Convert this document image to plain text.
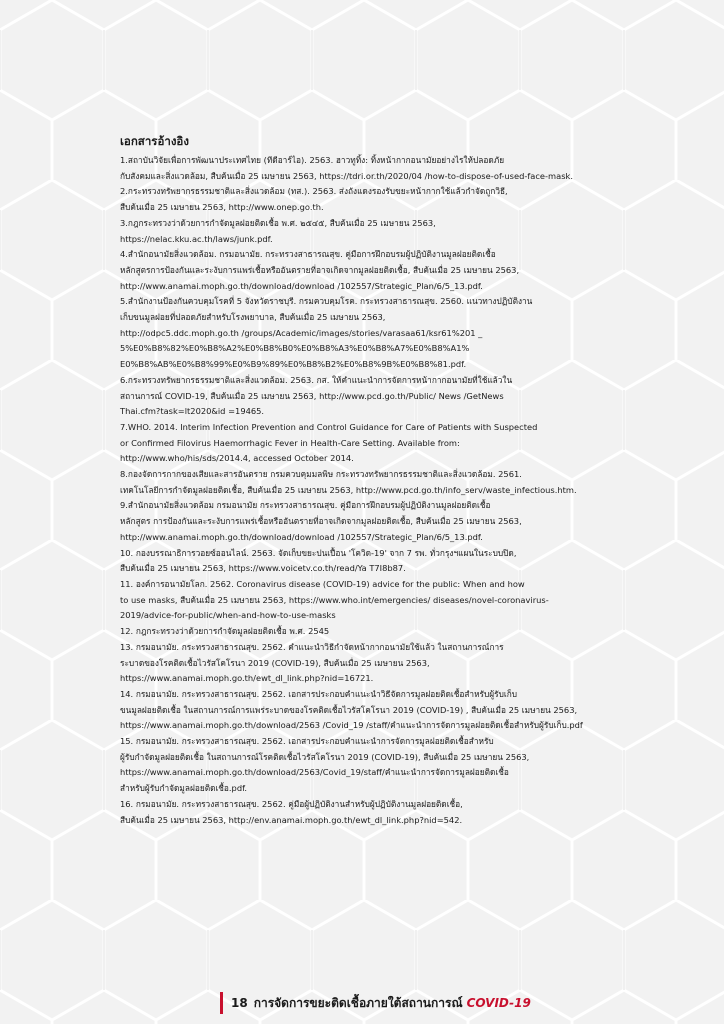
เอกสารอ้างอิง
1.สถาบันวิจัยเพื่อการพัฒนาประเทศไทย (ทีดีอาร์ไอ). 2563. ฮาวทูทิ้ง: ทิ้งหน้ากากอนามัยอย่างไรให้ปลอดภัย
กับสังคมและสิ่งแวดล้อม, สืบค้นเมื่อ 25 เมษายน 2563, https://tdri.or.th/2020/04 /how-to-dispose-of-used-face-mask.
2.กระทรวงทรัพยากรธรรมชาติและสิ่งแวดล้อม (ทส.). 2563. ส่งถังแดงรองรับขยะหน้ากากใช้แล้วกำจัดถูกวิธี,
สืบค้นเมื่อ 25 เมษายน 2563, http://www.onep.go.th.
3.กฎกระทรวงว่าด้วยการกำจัดมูลฝอยติดเชื้อ พ.ศ. ๒๕๔๕, สืบค้นเมื่อ 25 เมษายน 2563,
https://nelac.kku.ac.th/laws/junk.pdf.
4.สำนักอนามัยสิ่งแวดล้อม. กรมอนามัย. กระทรวงสาธารณสุข. คู่มือการฝึกอบรมผู้ปฏิบัติงานมูลฝอยติดเชื้อ
หลักสูตรการป้องกันและระงับการแพร่เชื้อหรืออันตรายที่อาจเกิดจากมูลฝอยติดเชื้อ, สืบค้นเมื่อ 25 เมษายน 2563,
http://www.anamai.moph.go.th/download/download /102557/Strategic_Plan/6/5_13.pdf.
5.สำนักงานป้องกันควบคุมโรคที่ 5 จังหวัดราชบุรี. กรมควบคุมโรค. กระทรวงสาธารณสุข. 2560. แนวทางปฏิบัติงาน
เก็บขนมูลฝอยที่ปลอดภัยสำหรับโรงพยาบาล, สืบค้นเมื่อ 25 เมษายน 2563,
http://odpc5.ddc.moph.go.th /groups/Academic/images/stories/varasaa61/ksr61%201 _
5%E0%B8%82%E0%B8%A2%E0%B8%B0%E0%B8%A3%E0%B8%A7%E0%B8%A1%
E0%B8%AB%E0%B8%99%E0%B9%89%E0%B8%B2%E0%B8%9B%E0%B8%81.pdf.
6.กระทรวงทรัพยากรธรรมชาติและสิ่งแวดล้อม. 2563. กส. ให้คำแนะนำการจัดการหน้ากากอนามัยที่ใช้แล้วใน
สถานการณ์ COVID-19, สืบค้นเมื่อ 25 เมษายน 2563, http://www.pcd.go.th/Public/ News /GetNews
Thai.cfm?task=lt2020&id =19465.
7.WHO. 2014. Interim Infection Prevention and Control Guidance for Care of Patients with Suspected
or Confirmed Filovirus Haemorrhagic Fever in Health-Care Setting. Available from:
http://www.who/his/sds/2014.4, accessed October 2014.
8.กองจัดการกากของเสียและสารอันตราย กรมควบคุมมลพิษ กระทรวงทรัพยากรธรรมชาติและสิ่งแวดล้อม. 2561.
เทคโนโลยีการกำจัดมูลฝอยติดเชื้อ, สืบค้นเมื่อ 25 เมษายน 2563, http://www.pcd.go.th/info_serv/waste_infectious.htm.
9.สำนักอนามัยสิ่งแวดล้อม กรมอนามัย กระทรวงสาธารณสุข. คู่มือการฝึกอบรมผู้ปฏิบัติงานมูลฝอยติดเชื้อ
หลักสูตร การป้องกันและระงับการแพร่เชื้อหรืออันตรายที่อาจเกิดจากมูลฝอยติดเชื้อ, สืบค้นเมื่อ 25 เมษายน 2563,
http://www.anamai.moph.go.th/download/download /102557/Strategic_Plan/6/5_13.pdf.
10. กองบรรณาธิการวอยซ์ออนไลน์. 2563. จัดเก็บขยะปนเปื้อน 'โควิด-19' จาก 7 รพ. ทั่วกรุงฯแผนในระบบปิด,
สืบค้นเมื่อ 25 เมษายน 2563, https://www.voicetv.co.th/read/Ya T7I8b87.
11. องค์การอนามัยโลก. 2562. Coronavirus disease (COVID-19) advice for the public: When and how
to use masks, สืบค้นเมื่อ 25 เมษายน 2563, https://www.who.int/emergencies/ diseases/novel-coronavirus-
2019/advice-for-public/when-and-how-to-use-masks
12. กฎกระทรวงว่าด้วยการกำจัดมูลฝอยติดเชื้อ พ.ศ. 2545
13. กรมอนามัย. กระทรวงสาธารณสุข. 2562. คำแนะนำวิธีกำจัดหน้ากากอนามัยใช้แล้ว ในสถานการณ์การ
ระบาดของโรคติดเชื้อไวรัสโคโรนา 2019 (COVID-19), สืบค้นเมื่อ 25 เมษายน 2563,
https://www.anamai.moph.go.th/ewt_dl_link.php?nid=16721.
14. กรมอนามัย. กระทรวงสาธารณสุข. 2562. เอกสารประกอบคำแนะนำวิธีจัดการมูลฝอยติดเชื้อสำหรับผู้รับเก็บ
ขนมูลฝอยติดเชื้อ ในสถานการณ์การแพร่ระบาดของโรคติดเชื้อไวรัสโคโรนา 2019 (COVID-19) , สืบค้นเมื่อ 25 เมษายน 2563,
https://www.anamai.moph.go.th/download/2563 /Covid_19 /staff/คำแนะนำการจัดการมูลฝอยติดเชื้อสำหรับผู้รับเก็บ.pdf
15. กรมอนามัย. กระทรวงสาธารณสุข. 2562. เอกสารประกอบคำแนะนำการจัดการมูลฝอยติดเชื้อสำหรับ
ผู้รับกำจัดมูลฝอยติดเชื้อ ในสถานการณ์โรคติดเชื้อไวรัสโคโรนา 2019 (COVID-19), สืบค้นเมื่อ 25 เมษายน 2563,
https://www.anamai.moph.go.th/download/2563/Covid_19/staff/คำแนะนำการจัดการมูลฝอยติดเชื้อ
สำหรับผู้รับกำจัดมูลฝอยติดเชื้อ.pdf.
16. กรมอนามัย. กระทรวงสาธารณสุข. 2562. คู่มือผู้ปฏิบัติงานสำหรับผู้ปฏิบัติงานมูลฝอยติดเชื้อ,
สืบค้นเมื่อ 25 เมษายน 2563, http://env.anamai.moph.go.th/ewt_dl_link.php?nid=542.
18 การจัดการขยะติดเชื้อภายใต้สถานการณ์ COVID-19
